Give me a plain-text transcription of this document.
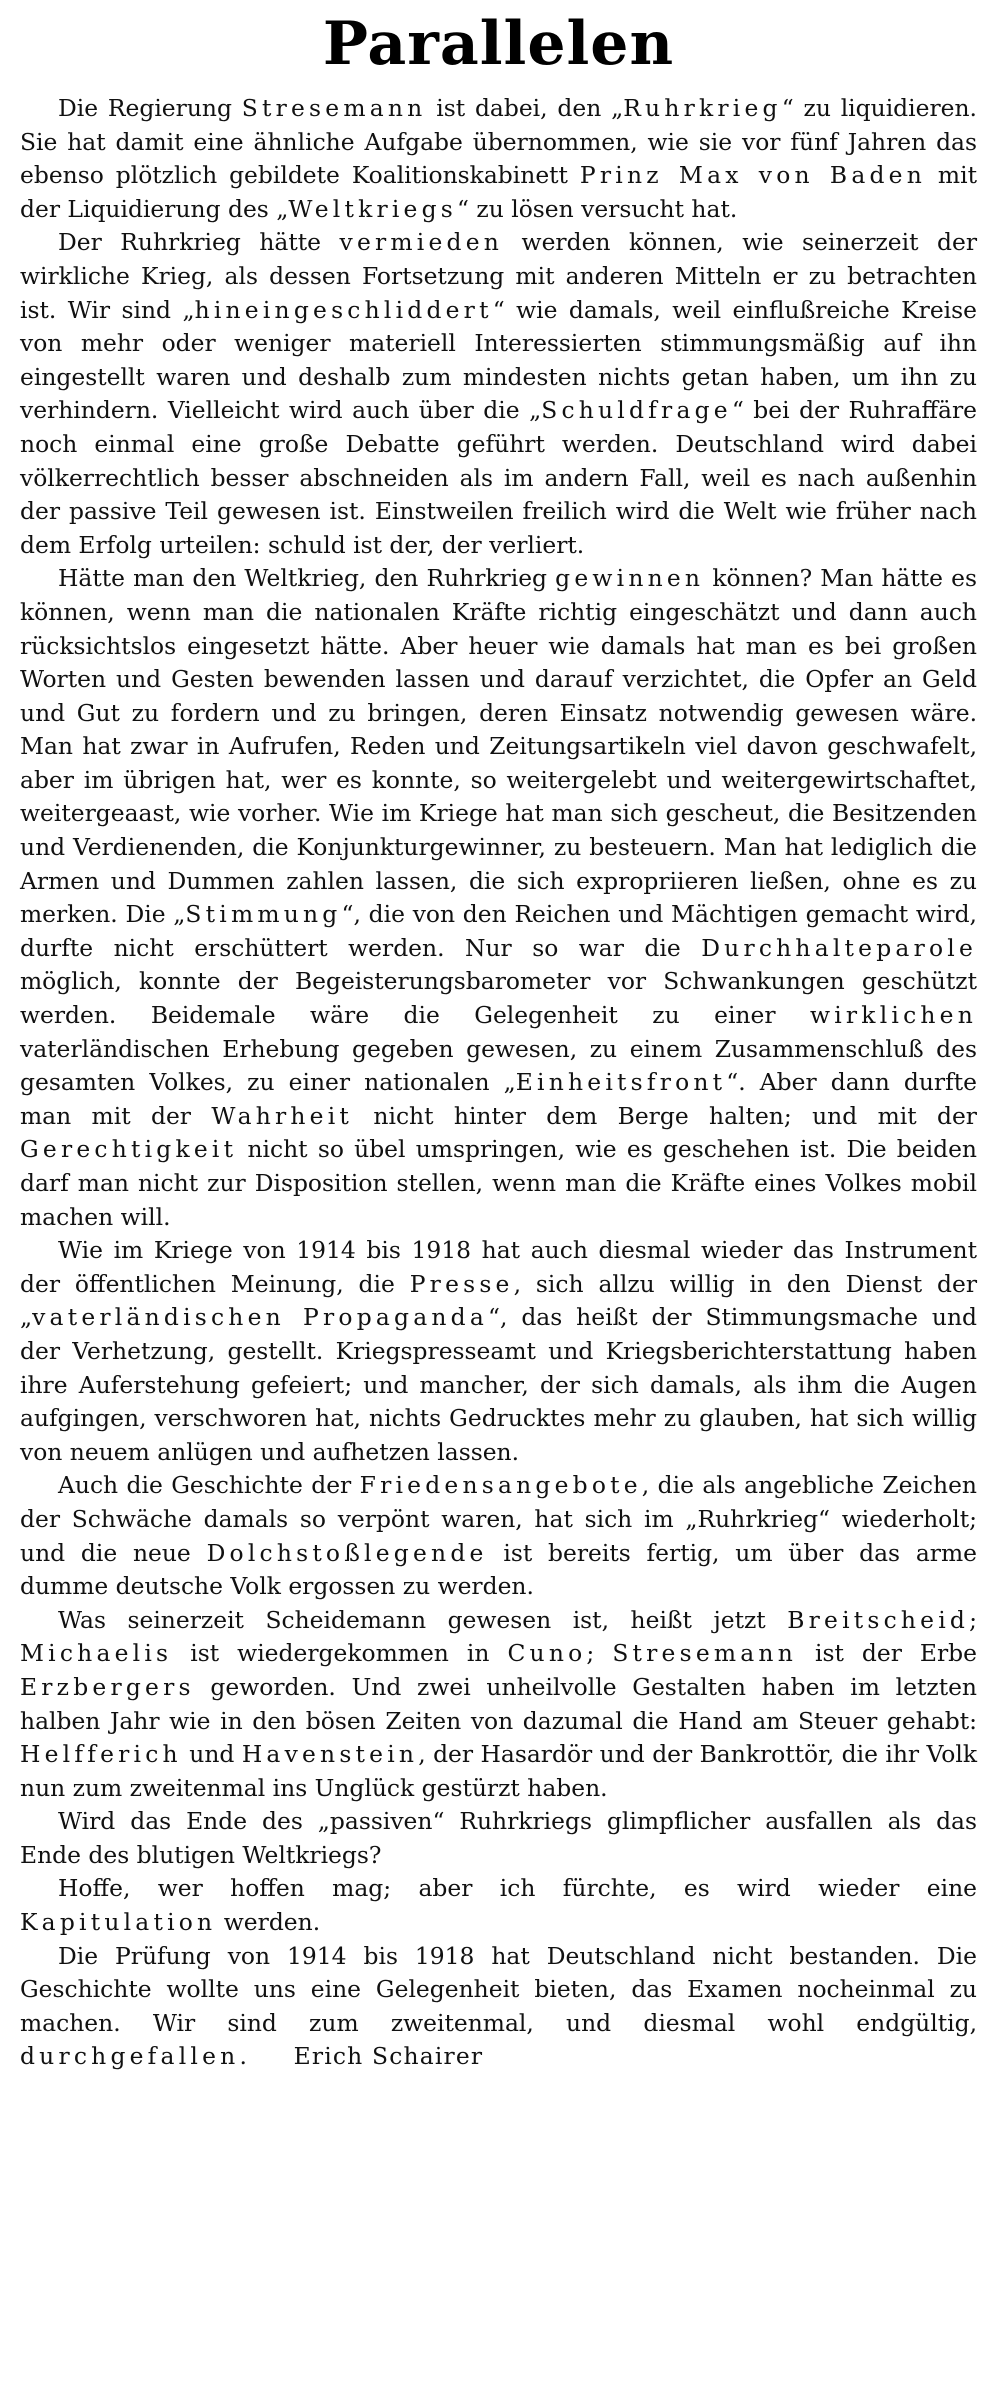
Parallelen

Die Regierung Stresemann ist dabei, den „Ruhrkrieg“ zu liquidieren. Sie hat damit eine ähnliche Aufgabe übernommen, wie sie vor fünf Jahren das ebenso plötzlich gebildete Koalitionskabinett Prinz Max von Baden mit der Liquidierung des „Weltkriegs“ zu lösen versucht hat.

Der Ruhrkrieg hätte vermieden werden können, wie seinerzeit der wirkliche Krieg, als dessen Fortsetzung mit anderen Mitteln er zu betrachten ist. Wir sind „hineingeschliddert“ wie damals, weil einflußreiche Kreise von mehr oder weniger materiell Interessierten stimmungsmäßig auf ihn eingestellt waren und deshalb zum mindesten nichts getan haben, um ihn zu verhindern. Vielleicht wird auch über die „Schuldfrage“ bei der Ruhraffäre noch einmal eine große Debatte geführt werden. Deutschland wird dabei völkerrechtlich besser abschneiden als im andern Fall, weil es nach außenhin der passive Teil gewesen ist. Einstweilen freilich wird die Welt wie früher nach dem Erfolg urteilen: schuld ist der, der verliert.

Hätte man den Weltkrieg, den Ruhrkrieg gewinnen können? Man hätte es können, wenn man die nationalen Kräfte richtig eingeschätzt und dann auch rücksichtslos eingesetzt hätte. Aber heuer wie damals hat man es bei großen Worten und Gesten bewenden lassen und darauf verzichtet, die Opfer an Geld und Gut zu fordern und zu bringen, deren Einsatz notwendig gewesen wäre. Man hat zwar in Aufrufen, Reden und Zeitungsartikeln viel davon geschwafelt, aber im übrigen hat, wer es konnte, so weitergelebt und weitergewirtschaftet, weitergeaast, wie vorher. Wie im Kriege hat man sich gescheut, die Besitzenden und Verdienenden, die Konjunkturgewinner, zu besteuern. Man hat lediglich die Armen und Dummen zahlen lassen, die sich expropriieren ließen, ohne es zu merken. Die „Stimmung“, die von den Reichen und Mächtigen gemacht wird, durfte nicht erschüttert werden. Nur so war die Durchhalteparole möglich, konnte der Begeisterungsbarometer vor Schwankungen geschützt werden. Beidemale wäre die Gelegenheit zu einer wirklichen vaterländischen Erhebung gegeben gewesen, zu einem Zusammenschluß des gesamten Volkes, zu einer nationalen „Einheitsfront“. Aber dann durfte man mit der Wahrheit nicht hinter dem Berge halten; und mit der Gerechtigkeit nicht so übel umspringen, wie es geschehen ist. Die beiden darf man nicht zur Disposition stellen, wenn man die Kräfte eines Volkes mobil machen will.

Wie im Kriege von 1914 bis 1918 hat auch diesmal wieder das Instrument der öffentlichen Meinung, die Presse, sich allzu willig in den Dienst der „vaterländischen Propaganda“, das heißt der Stimmungsmache und der Verhetzung, gestellt. Kriegspresseamt und Kriegsberichterstattung haben ihre Auferstehung gefeiert; und mancher, der sich damals, als ihm die Augen aufgingen, verschworen hat, nichts Gedrucktes mehr zu glauben, hat sich willig von neuem anlügen und aufhetzen lassen.

Auch die Geschichte der Friedensangebote, die als angebliche Zeichen der Schwäche damals so verpönt waren, hat sich im „Ruhrkrieg“ wiederholt; und die neue Dolchstoßlegende ist bereits fertig, um über das arme dumme deutsche Volk ergossen zu werden.

Was seinerzeit Scheidemann gewesen ist, heißt jetzt Breitscheid; Michaelis ist wiedergekommen in Cuno; Stresemann ist der Erbe Erzbergers geworden. Und zwei unheilvolle Gestalten haben im letzten halben Jahr wie in den bösen Zeiten von dazumal die Hand am Steuer gehabt: Helfferich und Havenstein, der Hasardör und der Bankrottör, die ihr Volk nun zum zweitenmal ins Unglück gestürzt haben.

Wird das Ende des „passiven“ Ruhrkriegs glimpflicher ausfallen als das Ende des blutigen Weltkriegs?

Hoffe, wer hoffen mag; aber ich fürchte, es wird wieder eine Kapitulation werden.

Die Prüfung von 1914 bis 1918 hat Deutschland nicht bestanden. Die Geschichte wollte uns eine Gelegenheit bieten, das Examen nocheinmal zu machen. Wir sind zum zweitenmal, und diesmal wohl endgültig, durchgefallen.  Erich Schairer
